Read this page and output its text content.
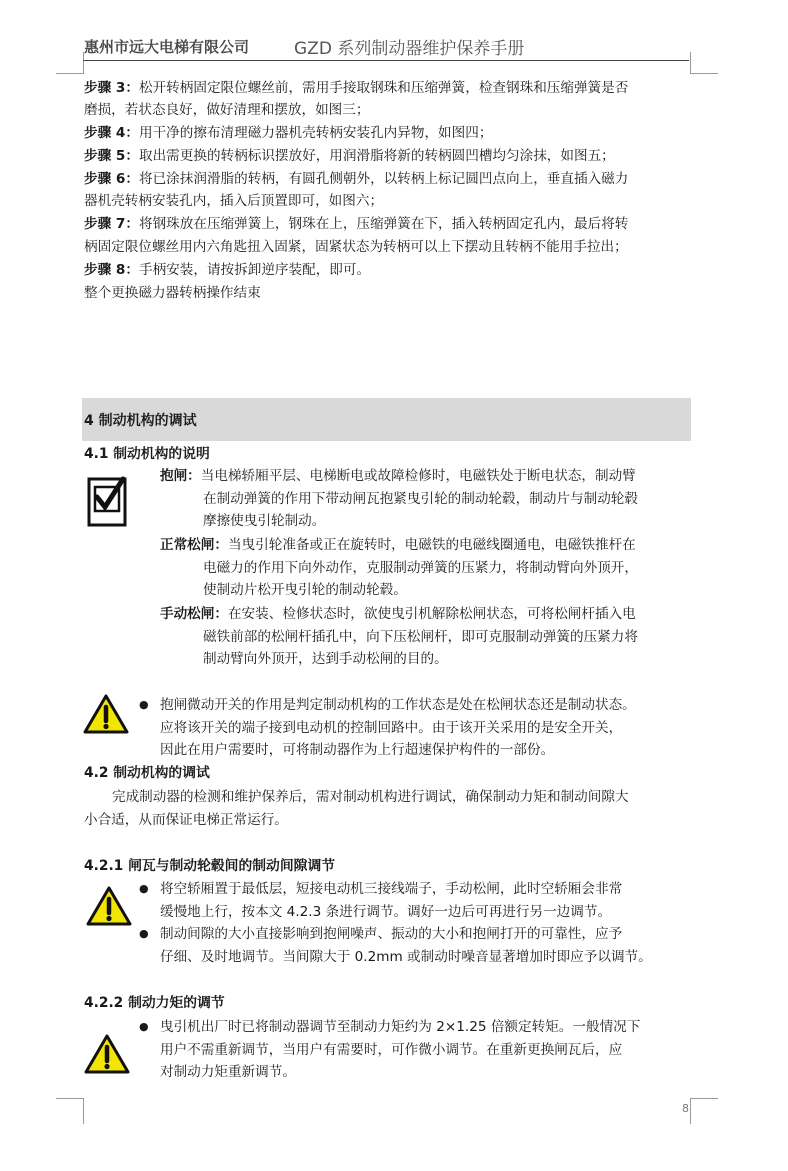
惠州市远大电梯有限公司	GZD 系列制动器维护保养手册
步骤 3：松开转柄固定限位螺丝前，需用手接取钢珠和压缩弹簧，检查钢珠和压缩弹簧是否
磨损，若状态良好，做好清理和摆放，如图三；
步骤 4：用干净的擦布清理磁力器机壳转柄安装孔内异物，如图四；
步骤 5：取出需更换的转柄标识摆放好，用润滑脂将新的转柄圆凹槽均匀涂抹，如图五；
步骤 6：将已涂抹润滑脂的转柄，有圆孔侧朝外，以转柄上标记圆凹点向上，垂直插入磁力
器机壳转柄安装孔内，插入后顶置即可，如图六；
步骤 7：将钢珠放在压缩弹簧上，钢珠在上，压缩弹簧在下，插入转柄固定孔内，最后将转
柄固定限位螺丝用内六角匙扭入固紧，固紧状态为转柄可以上下摆动且转柄不能用手拉出；
步骤 8：手柄安装，请按拆卸逆序装配，即可。
整个更换磁力器转柄操作结束
4 制动机构的调试
4.1 制动机构的说明
抱闸：当电梯轿厢平层、电梯断电或故障检修时，电磁铁处于断电状态，制动臂
在制动弹簧的作用下带动闸瓦抱紧曳引轮的制动轮毂，制动片与制动轮毂
摩擦使曳引轮制动。
正常松闸：当曳引轮准备或正在旋转时，电磁铁的电磁线圈通电，电磁铁推杆在
电磁力的作用下向外动作，克服制动弹簧的压紧力，将制动臂向外顶开，
使制动片松开曳引轮的制动轮毂。
手动松闸：在安装、检修状态时，欲使曳引机解除松闸状态，可将松闸杆插入电
磁铁前部的松闸杆插孔中，向下压松闸杆，即可克服制动弹簧的压紧力将
制动臂向外顶开，达到手动松闸的目的。
● 抱闸微动开关的作用是判定制动机构的工作状态是处在松闸状态还是制动状态。
应将该开关的端子接到电动机的控制回路中。由于该开关采用的是安全开关，
因此在用户需要时，可将制动器作为上行超速保护构件的一部份。
4.2 制动机构的调试
完成制动器的检测和维护保养后，需对制动机构进行调试，确保制动力矩和制动间隙大
小合适，从而保证电梯正常运行。
4.2.1 闸瓦与制动轮毂间的制动间隙调节
● 将空轿厢置于最低层，短接电动机三接线端子，手动松闸，此时空轿厢会非常
缓慢地上行，按本文 4.2.3 条进行调节。调好一边后可再进行另一边调节。
● 制动间隙的大小直接影响到抱闸噪声、振动的大小和抱闸打开的可靠性，应予
仔细、及时地调节。当间隙大于 0.2mm 或制动时噪音显著增加时即应予以调节。
4.2.2 制动力矩的调节
● 曳引机出厂时已将制动器调节至制动力矩约为 2×1.25 倍额定转矩。一般情况下
用户不需重新调节，当用户有需要时，可作微小调节。在重新更换闸瓦后，应
对制动力矩重新调节。
8
